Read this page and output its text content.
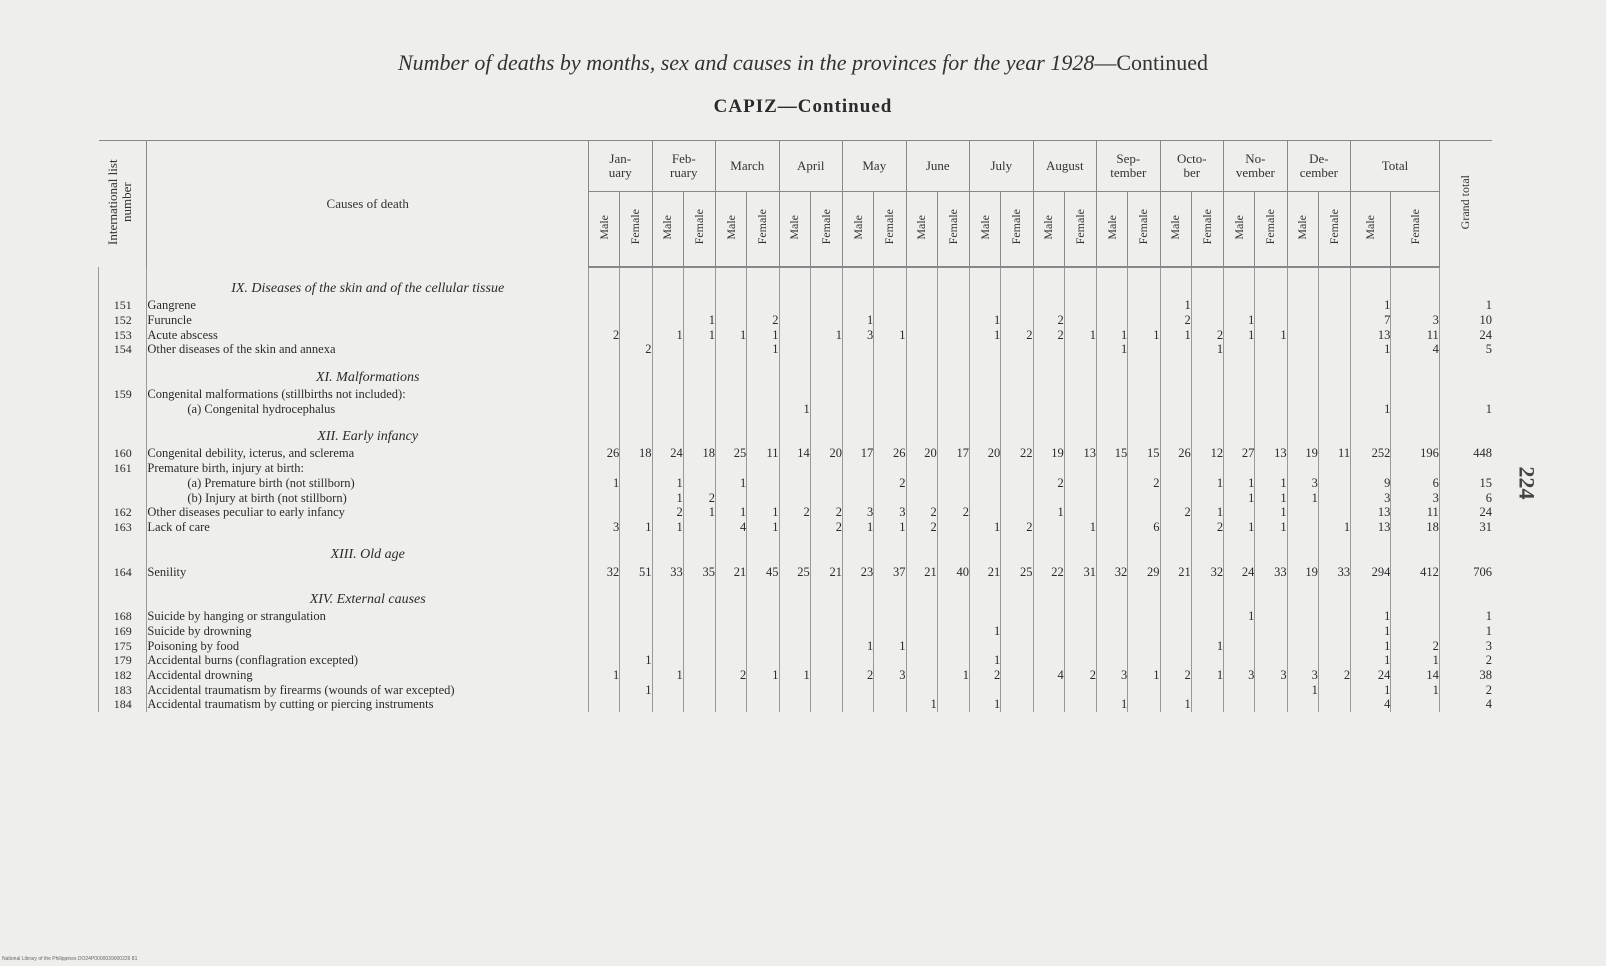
Number of deaths by months, sex and causes in the provinces for the year 1928—Continued
CAPIZ—Continued
224
International list number	Causes of death	Jan-
uary		Feb-
ruary		March		April		May		June		July		August		Sep-
tember		Octo-
ber		No-
vember		De-
cember		Total		Grand total
		Male	Female	Male	Female	Male	Female	Male	Female	Male	Female	Male	Female	Male	Female	Male	Female	Male	Female	Male	Female	Male	Female	Male	Female	Male	Female	
	IX. Diseases of the skin and of the cellular tissue																											
151	Gangrene																			1						1		1
152	Furuncle				1		2			1				1		2				2		1				7	3	10
153	Acute abscess	2		1	1	1	1		1	3	1			1	2	2	1	1	1	1	2	1	1			13	11	24
154	Other diseases of the skin and annexa		2				1											1			1					1	4	5
	XI. Malformations																											
159	Congenital malformations (stillbirths not included):																											
	(a) Congenital hydrocephalus							1																		1		1
	XII. Early infancy																											
160	Congenital debility, icterus, and sclerema	26	18	24	18	25	11	14	20	17	26	20	17	20	22	19	13	15	15	26	12	27	13	19	11	252	196	448
161	Premature birth, injury at birth:																											
	(a) Premature birth (not stillborn)	1		1		1					2					2			2		1	1	1	3		9	6	15
	(b) Injury at birth (not stillborn)			1	2																	1	1	1		3	3	6
162	Other diseases peculiar to early infancy			2	1	1	1	2	2	3	3	2	2			1				2	1		1			13	11	24
163	Lack of care	3	1	1		4	1		2	1	1	2		1	2		1		6		2	1	1		1	13	18	31
	XIII. Old age																											
164	Senility	32	51	33	35	21	45	25	21	23	37	21	40	21	25	22	31	32	29	21	32	24	33	19	33	294	412	706
	XIV. External causes																											
168	Suicide by hanging or strangulation																					1				1		1
169	Suicide by drowning													1												1		1
175	Poisoning by food									1	1										1					1	2	3
179	Accidental burns (conflagration excepted)		1											1												1	1	2
182	Accidental drowning	1		1		2	1	1		2	3		1	2		4	2	3	1	2	1	3	3	3	2	24	14	38
183	Accidental traumatism by firearms (wounds of war excepted)		1																					1		1	1	2
184	Accidental traumatism by cutting or piercing instruments											1		1				1		1						4		4
National Library of the Philippines DO24P0000039000226 81
